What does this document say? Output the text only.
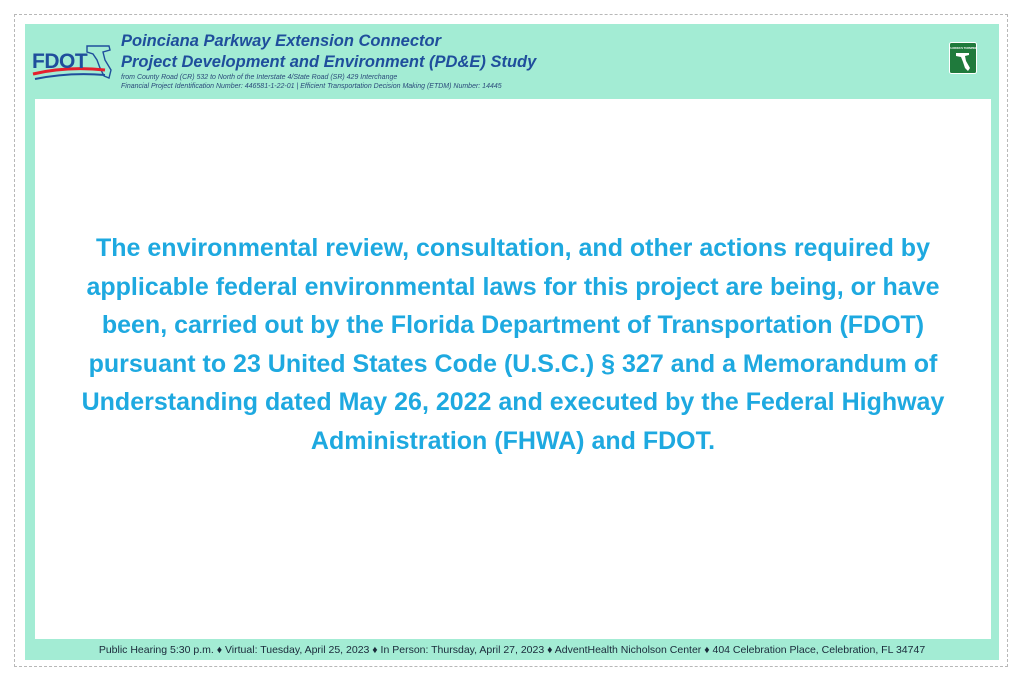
FDOT
Poinciana Parkway Extension Connector
Project Development and Environment (PD&E) Study
from County Road (CR) 532 to North of the Interstate 4/State Road (SR) 429 Interchange
Financial Project Identification Number: 446581-1-22-01 | Efficient Transportation Decision Making (ETDM) Number: 14445
FLORIDA'S TURNPIKE

The environmental review, consultation, and other actions required by applicable federal environmental laws for this project are being, or have been, carried out by the Florida Department of Transportation (FDOT) pursuant to 23 United States Code (U.S.C.) § 327 and a Memorandum of Understanding dated May 26, 2022 and executed by the Federal Highway Administration (FHWA) and FDOT.

Public Hearing 5:30 p.m. ♦ Virtual: Tuesday, April 25, 2023 ♦ In Person: Thursday, April 27, 2023 ♦ AdventHealth Nicholson Center ♦ 404 Celebration Place, Celebration, FL 34747
